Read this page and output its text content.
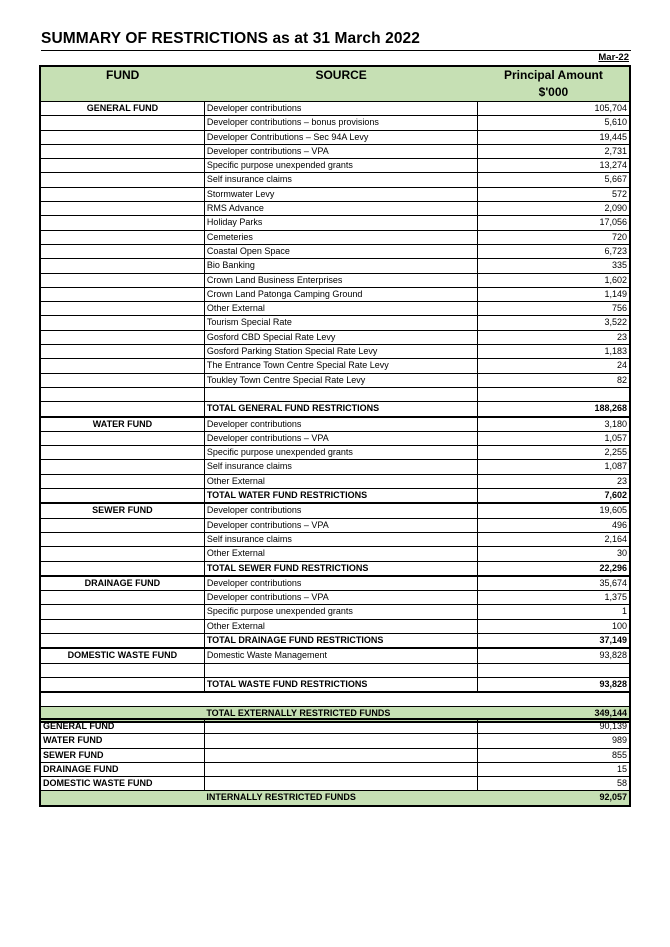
SUMMARY OF RESTRICTIONS as at 31 March 2022
Mar-22
FUND	SOURCE	Principal Amount
		$'000
GENERAL FUND	Developer contributions	105,704
	Developer contributions – bonus provisions	5,610
	Developer Contributions – Sec 94A Levy	19,445
	Developer contributions – VPA	2,731
	Specific purpose unexpended grants	13,274
	Self insurance claims	5,667
	Stormwater Levy	572
	RMS Advance	2,090
	Holiday Parks	17,056
	Cemeteries	720
	Coastal Open Space	6,723
	Bio Banking	335
	Crown Land Business Enterprises	1,602
	Crown Land Patonga Camping Ground	1,149
	Other External	756
	Tourism Special Rate	3,522
	Gosford CBD Special Rate Levy	23
	Gosford Parking Station Special Rate Levy	1,183
	The Entrance Town Centre Special Rate Levy	24
	Toukley Town Centre Special Rate Levy	82

	TOTAL GENERAL FUND RESTRICTIONS	188,268
WATER FUND	Developer contributions	3,180
	Developer contributions – VPA	1,057
	Specific purpose unexpended grants	2,255
	Self insurance claims	1,087
	Other External	23
	TOTAL WATER FUND RESTRICTIONS	7,602
SEWER FUND	Developer contributions	19,605
	Developer contributions – VPA	496
	Self insurance claims	2,164
	Other External	30
	TOTAL SEWER FUND RESTRICTIONS	22,296
DRAINAGE FUND	Developer contributions	35,674
	Developer contributions – VPA	1,375
	Specific purpose unexpended grants	1
	Other External	100
	TOTAL DRAINAGE FUND RESTRICTIONS	37,149
DOMESTIC WASTE FUND	Domestic Waste Management	93,828

	TOTAL WASTE FUND RESTRICTIONS	93,828

	TOTAL EXTERNALLY RESTRICTED FUNDS	349,144
GENERAL FUND		90,139
WATER FUND		989
SEWER FUND		855
DRAINAGE FUND		15
DOMESTIC WASTE FUND		58
	INTERNALLY RESTRICTED FUNDS	92,057
